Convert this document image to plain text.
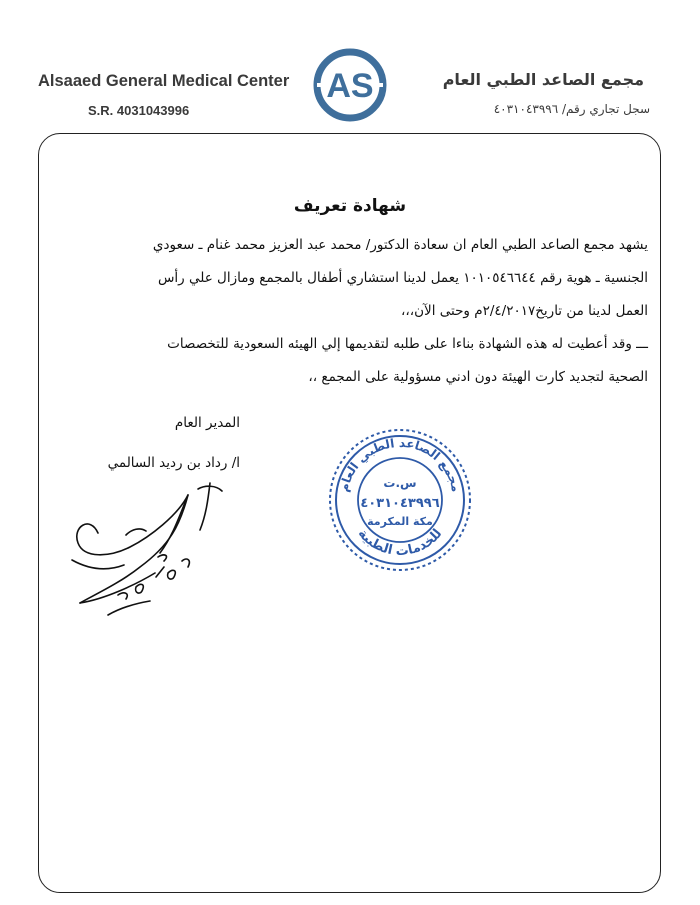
Alsaaed General Medical Center
S.R. 4031043996
AS	مجمع الصاعد الطبي العام
سجل تجاري رقم/ ٤٠٣١٠٤٣٩٩٦
شهادة تعريف
يشهد مجمع الصاعد الطبي العام ان سعادة الدكتور/ محمد عبد العزيز محمد غنام ـ سعودي
الجنسية ـ هوية رقم ١٠١٠٥٤٦٦٤٤ يعمل لدينا استشاري أطفال بالمجمع ومازال علي رأس
العمل لدينا من تاريخ٢/٤/٢٠١٧م وحتى الآن،،،
ـــ وقد أعطيت له هذه الشهادة بناءا على طلبه لتقديمها إلي الهيئه السعودية للتخصصات
الصحية لتجديد كارت الهيئة دون ادني مسؤولية على المجمع ،،
المدير العام
ا/ رداد بن رديد السالمي
مجمع الصاعد الطبي العام
للخدمات الطبية
س.ت
٤٠٣١٠٤٣٩٩٦
مكة المكرمة
